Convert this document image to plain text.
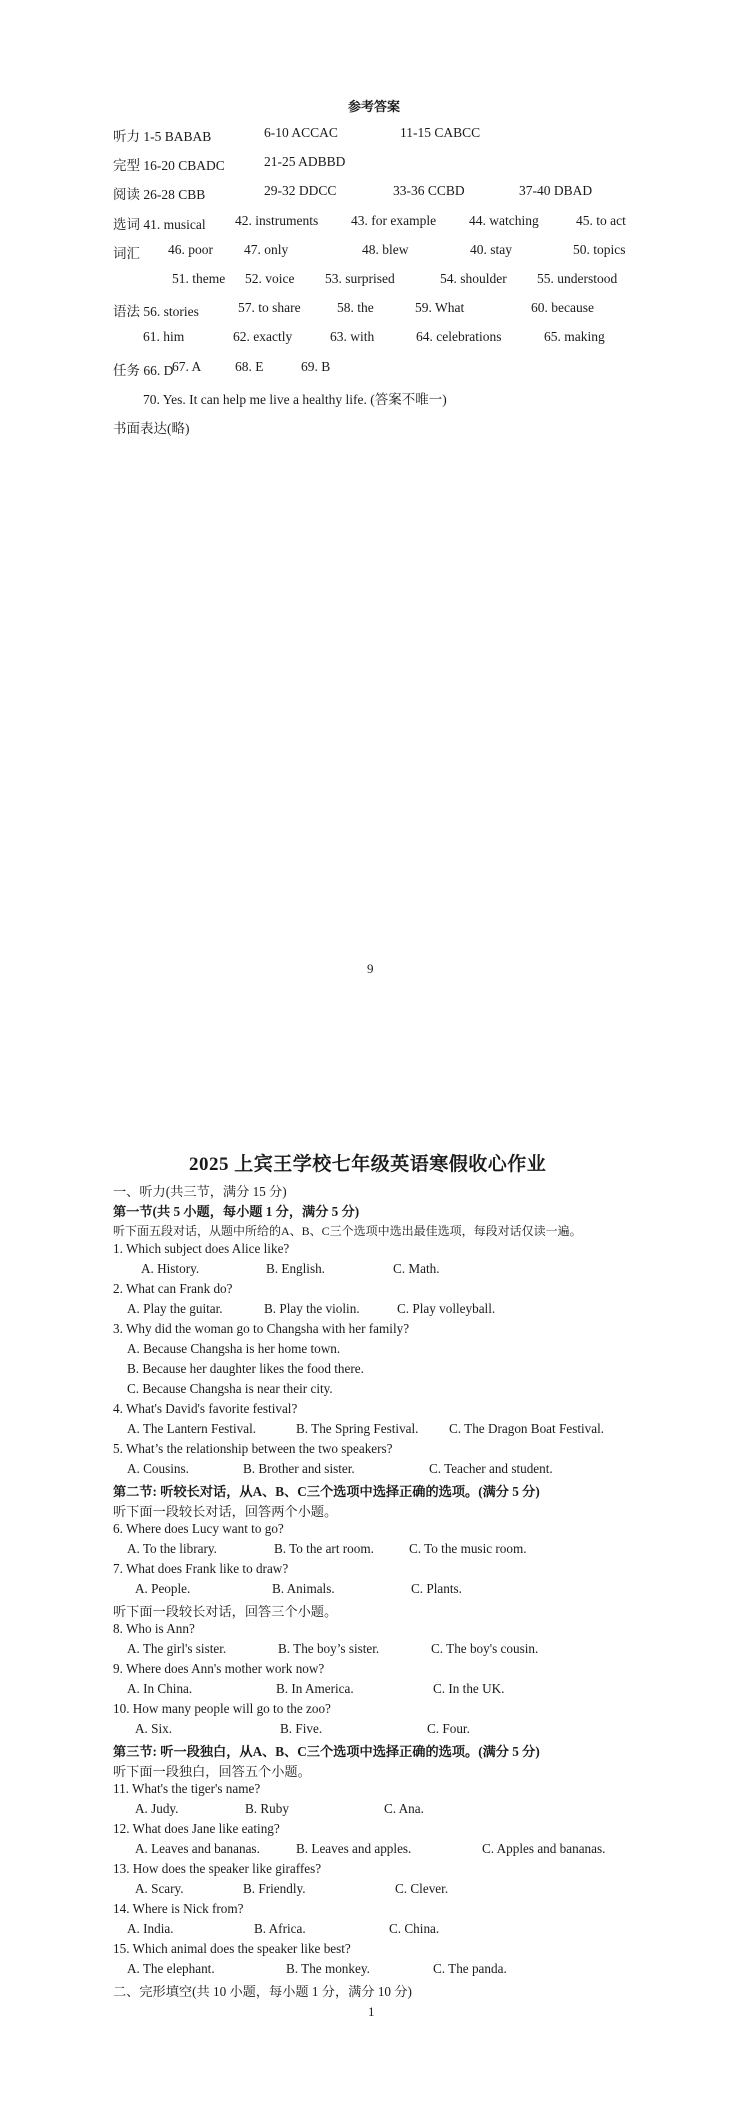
参考答案
听力 1-5 BABAB	6-10 ACCAC	11-15 CABCC
完型 16-20 CBADC	21-25 ADBBD
阅读 26-28 CBB	29-32 DDCC	33-36 CCBD	37-40 DBAD
选词 41. musical 42. instruments 43. for example 44. watching	45. to act
词汇 46. poor 47. only	48. blew	40. stay	50. topics
51. theme 52. voice 53. surprised	54. shoulder 55. understood
语法 56. stories	57. to share	58. the	59. What	60. because
61. him	62. exactly	63. with	64. celebrations	65. making
任务 66. D
67. A 68. E	69. B
70. Yes. It can help me live a healthy life. (答案不唯一)
书面表达(略)
9
2025 上宾王学校七年级英语寒假收心作业
一、听力(共三节，满分 15 分)
第一节(共 5 小题，每小题 1 分，满分 5 分)
听下面五段对话，从题中所给的A、B、C三个选项中选出最佳选项，每段对话仅读一遍。
1. Which subject does Alice like?
A. History.	B. English.	C. Math.
2. What can Frank do?
A. Play the guitar.	B. Play the violin.	C. Play volleyball.
3. Why did the woman go to Changsha with her family?
A. Because Changsha is her home town.
B. Because her daughter likes the food there.
C. Because Changsha is near their city.
4. What's David's favorite festival?
A. The Lantern Festival.	B. The Spring Festival. C. The Dragon Boat Festival.
5. What’s the relationship between the two speakers?
A. Cousins.	B. Brother and sister.	C. Teacher and student.
第二节: 听较长对话，从A、B、C三个选项中选择正确的选项。(满分 5 分)
听下面一段较长对话，回答两个小题。
6. Where does Lucy want to go?
A. To the library.	B. To the art room.	C. To the music room.
7. What does Frank like to draw?
A. People.	B. Animals.	C. Plants.
听下面一段较长对话，回答三个小题。
8. Who is Ann?
A. The girl's sister.	B. The boy’s sister.	C. The boy's cousin.
9. Where does Ann's mother work now?
A. In China.	B. In America.	C. In the UK.
10. How many people will go to the zoo?
A. Six.	B. Five.	C. Four.
第三节: 听一段独白，从A、B、C三个选项中选择正确的选项。(满分 5 分)
听下面一段独白，回答五个小题。
11. What's the tiger's name?
A. Judy.	B. Ruby	C. Ana.
12. What does Jane like eating?
A. Leaves and bananas.	B. Leaves and apples.	C. Apples and bananas.
13. How does the speaker like giraffes?
A. Scary.	B. Friendly.	C. Clever.
14. Where is Nick from?
A. India.	B. Africa.	C. China.
15. Which animal does the speaker like best?
A. The elephant.	B. The monkey.	C. The panda.
二、完形填空(共 10 小题，每小题 1 分，满分 10 分)
1
